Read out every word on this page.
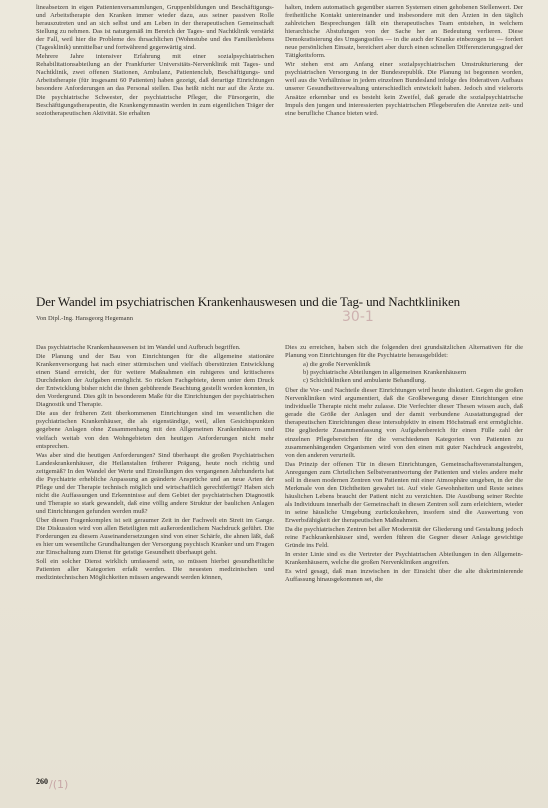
lineabsetzen in eigen Patientenversammlungen, Gruppenbildungen und Beschäftigungs- und Arbeitstherapie den Kranken immer wieder dazu, aus seiner passiven Rolle herauszutreten und an sich selbst und am Leben in der therapeutischen Gemeinschaft Stellung zu nehmen. Das ist naturgemäß im Bereich der Tages- und Nachtklinik verstärkt der Fall, weil hier die Probleme des ihrsachlichen (Wohnstube und des Familienlebens (Tagesklinik) unmittelbar und fortwährend gegenwärtig sind.

Mehrere Jahre intensiver Erfahrung mit einer sozialpsychiatrischen Rehabilitationsabteilung an der Frankfurter Universitäts-Nervenklinik mit Tages- und Nachtklinik, zwei offenen Stationen, Ambulanz, Patientenclub, Beschäftigungs- und Arbeitstherapie (für insgesamt 60 Patienten) haben gezeigt, daß derartige Einrichtungen besondere Anforderungen an das Personal stellen. Das heißt nicht nur auf die Ärzte zu. Die psychiatrische Schwester, der psychiatrische Pfleger, die Fürsorgerin, die Beschäftigungstherapeutin, die Krankengymnastin werden in zum eigentlichen Träger der soziotherapeutischen Aktivität. Sie erhalten

halten, indem automatisch gegenüber starren Systemen einen gehobenen Stellenwert. Der freiheitliche Kontakt untereinander und insbesondere mit den Ärzten in den täglich zahlreichen Besprechungen fällt ein therapeutisches Team entstehen, in welchem hierarchische Abstufungen von der Sache her an Bedeutung verlieren. Diese Demokratisierung des Umgangsstiles — in die auch der Kranke einbezogen ist — fordert neue persönlichen Einsatz, bereichert aber durch einen schnellen Differenzierungsgrad der Tätigkeitsform.

Wir stehen erst am Anfang einer sozialpsychiatrischen Umstrukturierung der psychiatrischen Versorgung in der Bundesrepublik. Die Planung ist begonnen worden, weil aus die Verhältnisse in jedem einzelnen Bundesland infolge des föderativen Aufbaus unserer Gesundheitsverwaltung unterschiedlich entwickelt haben. Jedoch sind vielerorts Ansätze erkennbar und es besteht kein Zweifel, daß gerade die sozialpsychiatrische Impuls den jungen und interessierten psychiatrischen Pflegeberufen die Anreize zeit- und eine berufliche Chance bieten wird.

Der Wandel im psychiatrischen Krankenhauswesen und die Tag- und Nachtkliniken
Von Dipl.-Ing. Hansgeorg Hegemann	30-1

Das psychiatrische Krankenhauswesen ist im Wandel und Aufbruch begriffen.

Die Planung und der Bau von Einrichtungen für die allgemeine stationäre Krankenversorgung hat nach einer stürmischen und vielfach überstürzten Entwicklung einen Stand erreicht, der für weitere Maßnahmen ein ruhigeres und kritischeres Durchdenken der Aufgaben ermöglicht. So rücken Fachgebiete, deren unter dem Druck der Entwicklung bisher nicht die ihnen gebührende Beachtung gestellt worden konnten, in den Vordergrund. Dies gilt in besonderem Maße für die Einrichtungen der psychiatrischen Diagnostik und Therapie.

Die aus der früheren Zeit überkommenen Einrichtungen sind im wesentlichen die psychiatrischen Krankenhäuser, die als eigenständige, weil, allen Gesichtspunkten gegebene Anlagen ohne Zusammenhang mit den Allgemeinen Krankenhäusern und vielfach weitab von den Wohngebieten den heutigen Anforderungen nicht mehr entsprechen.

Was aber sind die heutigen Anforderungen? Sind überhaupt die großen Psychiatrischen Landeskrankenhäuser, die Heilanstalten früherer Prägung, heute noch richtig und zeitgemäß? In den Wandel der Werte und Einstellungen des vergangenen Jahrhunderts hat die Psychiatrie erhebliche Anpassung an geänderte Ansprüche und an neue Arten der Pflege und der Therapie technisch möglich und wirtschaftlich gerechtfertigt? Haben sich nicht die Auffassungen und Erkenntnisse auf dem Gebiet der psychiatrischen Diagnostik und Therapie so stark gewandelt, daß eine völlig andere Struktur der baulichen Anlagen und Einrichtungen gefunden werden muß?

Über diesen Fragenkomplex ist seit geraumer Zeit in der Fachwelt ein Streit im Gange. Die Diskussion wird von allen Beteiligten mit außerordentlichem Nachdruck geführt. Die Forderungen zu diesem Auseinandersetzungen sind von einer Schärfe, die ahnen läßt, daß es hier um wesentliche Grundhaltungen der Versorgung psychisch Kranker und um Fragen zur Einschaltung zum Dienst für geistige Gesundheit überhaupt geht.

Soll ein solcher Dienst wirklich umfassend sein, so müssen hierbei gesundheitliche Patienten aller Kategorien erfaßt werden. Die neuesten medizinischen und medizintechnischen Möglichkeiten müssen angewandt werden können,

Dies zu erreichen, haben sich die folgenden drei grundsätzlichen Alternativen für die Planung von Einrichtungen für die Psychiatrie herausgebildet:

a) die große Nervenklinik
b) psychiatrische Abteilungen in allgemeinen Krankenhäusern
c) Schichtkliniken und ambulante Behandlung.

Über die Vor- und Nachteile dieser Einrichtungen wird heute diskutiert. Gegen die großen Nervenkliniken wird argumentiert, daß die Großbewegung dieser Einrichtungen eine individuelle Therapie nicht mehr zulasse. Die Verfechter dieser Thesen wissen auch, daß gerade die Größe der Anlagen und der damit verbundene Ausstattungsgrad der therapeutischen Einrichtungen diese intersubjektiv in einem Höchstmaß erst ermöglichte. Die gegliederte Zusammenfassung von Aufgabenbereich für einen Fülle zahl der einzelnen Pflegebereichen für die verschiedenen Kategorien von Patienten zu zusammenhängenden Organismen wird von den einen mit guter Nachdruck angestrebt, von den anderen verurteilt.

Das Prinzip der offenen Tür in diesen Einrichtungen, Gemeinschaftsveranstaltungen, Anregungen zum Christlichen Selbstverantwortung der Patienten und vieles andere mehr soll in diesen modernen Zentren von Patienten mit einer Atmosphäre umgeben, in der die Merkmale von den Dichtheiten gewahrt ist. Auf viele Gewohnheiten und Reste seines häuslichen Lebens braucht der Patient nicht zu verzichten. Die Ausübung seiner Rechte als Individuum innerhalb der Gemeinschaft in diesen Zentren soll zum erleichtern, wieder in seine häusliche Umgebung zurückzukehren, insofern sind die Auswertung von Erwerbsfähigkeit der therapeutischen Maßnahmen.

Da die psychiatrischen Zentren bei aller Modernität der Gliederung und Gestaltung jedoch reine Fachkrankenhäuser sind, werden führen die Gegner dieser Anlage gewichtige Gründe ins Feld.

In erster Linie sind es die Vertreter der Psychiatrischen Abteilungen in den Allgemein-Krankenhäusern, welche die großen Nervenkliniken angreifen.

Es wird gesagt, daß man inzwischen in der Einsicht über die alte diskriminierende Auffassung hinausgekommen sei, die

260 /(1)
